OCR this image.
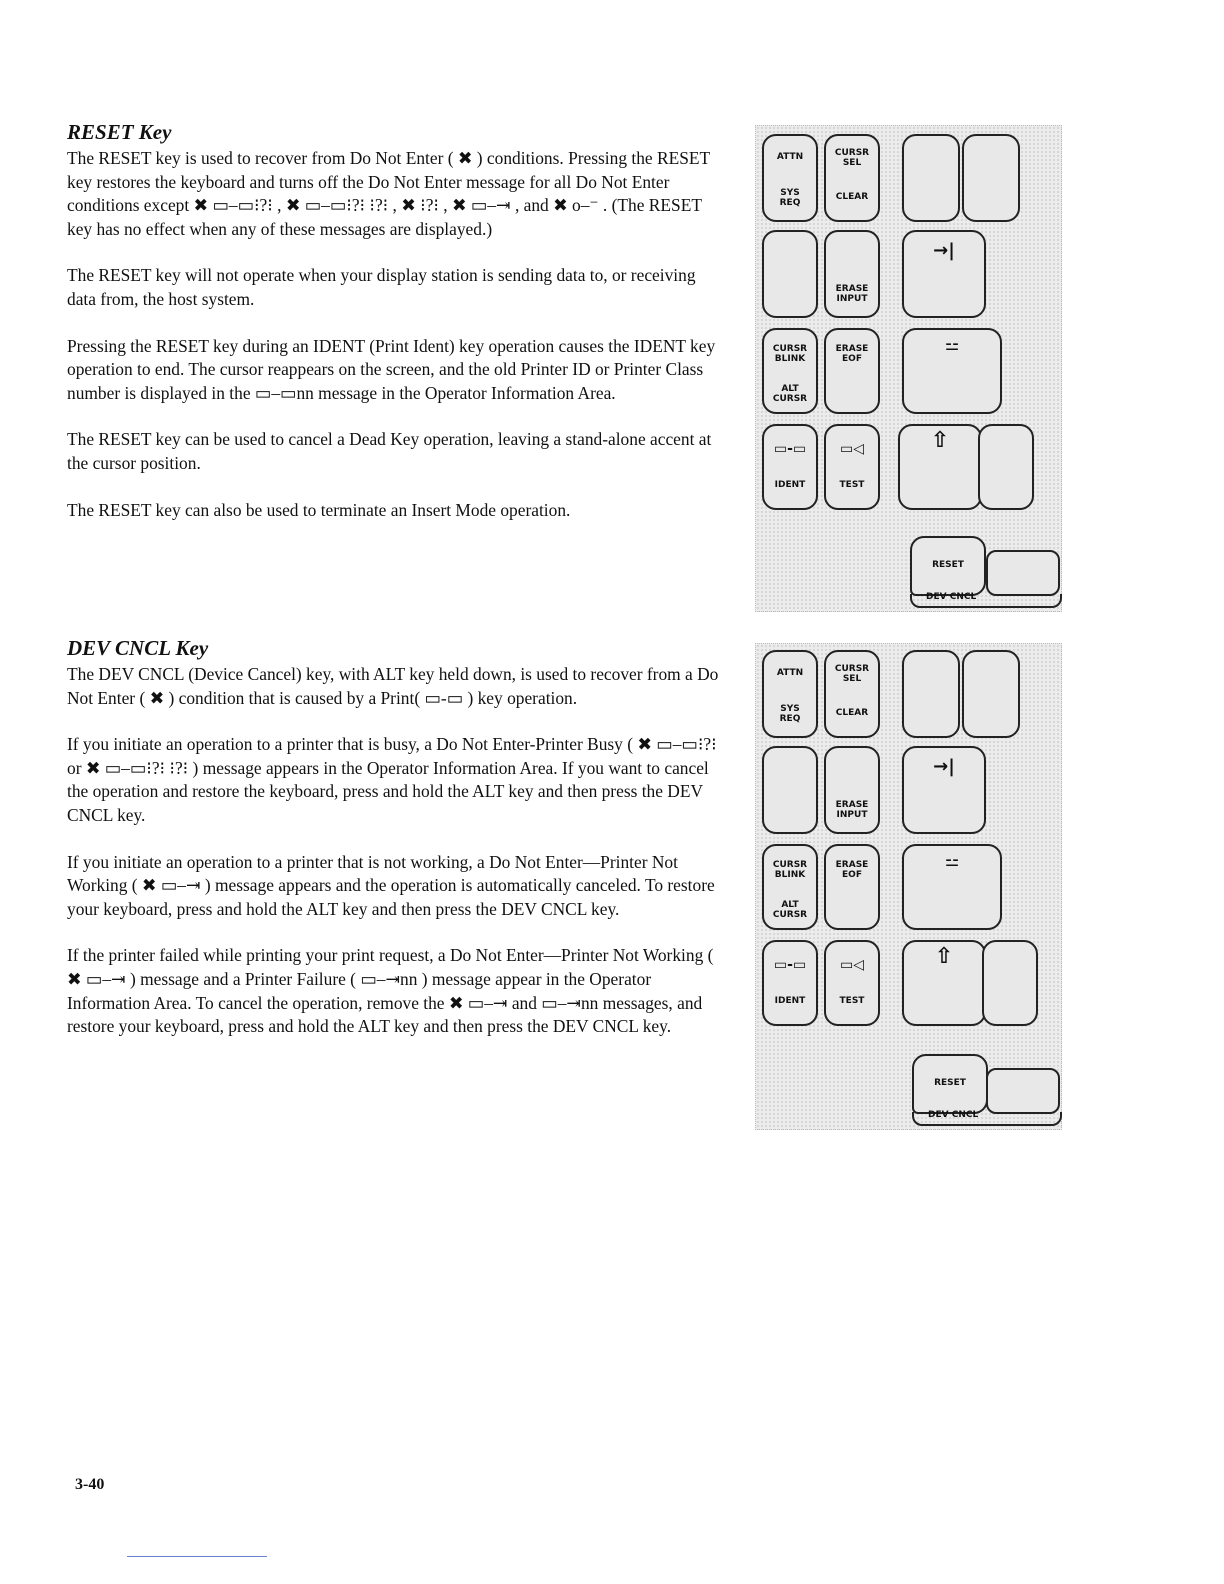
RESET Key

The RESET key is used to recover from Do Not Enter ( ✖ ) conditions. Pressing the RESET key restores the keyboard and turns off the Do Not Enter message for all Do Not Enter conditions except ✖ ▭–▭⁝?⁝ , ✖ ▭–▭⁝?⁝ ⁝?⁝ , ✖ ⁝?⁝ , ✖ ▭–⇥ , and ✖ o–⁻ . (The RESET key has no effect when any of these messages are displayed.)

The RESET key will not operate when your display station is sending data to, or receiving data from, the host system.

Pressing the RESET key during an IDENT (Print Ident) key operation causes the IDENT key operation to end. The cursor reappears on the screen, and the old Printer ID or Printer Class number is displayed in the ▭–▭nn message in the Operator Information Area.

The RESET key can be used to cancel a Dead Key operation, leaving a stand-alone accent at the cursor position.

The RESET key can also be used to terminate an Insert Mode operation.

DEV CNCL Key

The DEV CNCL (Device Cancel) key, with ALT key held down, is used to recover from a Do Not Enter ( ✖ ) condition that is caused by a Print( ▭-▭ ) key operation.

If you initiate an operation to a printer that is busy, a Do Not Enter-Printer Busy ( ✖ ▭–▭⁝?⁝ or ✖ ▭–▭⁝?⁝ ⁝?⁝ ) message appears in the Operator Information Area. If you want to cancel the operation and restore the keyboard, press and hold the ALT key and then press the DEV CNCL key.

If you initiate an operation to a printer that is not working, a Do Not Enter—Printer Not Working ( ✖ ▭–⇥ ) message appears and the operation is automatically canceled. To restore your keyboard, press and hold the ALT key and then press the DEV CNCL key.

If the printer failed while printing your print request, a Do Not Enter—Printer Not Working ( ✖ ▭–⇥ ) message and a Printer Failure ( ▭–⇥nn ) message appear in the Operator Information Area. To cancel the operation, remove the ✖ ▭–⇥ and ▭–⇥nn messages, and restore your keyboard, press and hold the ALT key and then press the DEV CNCL key.

ATTN
SYS
REQ
CURSR
SEL
CLEAR
ERASE
INPUT
→|
CURSR
BLINK
ALT
CURSR
ERASE
EOF
⚍
▭-▭
IDENT
▭◁
TEST
⇧
RESET
DEV CNCL
ATTN
SYS
REQ
CURSR
SEL
CLEAR
ERASE
INPUT
→|
CURSR
BLINK
ALT
CURSR
ERASE
EOF
⚍
▭-▭
IDENT
▭◁
TEST
⇧
RESET
DEV CNCL
3-40
